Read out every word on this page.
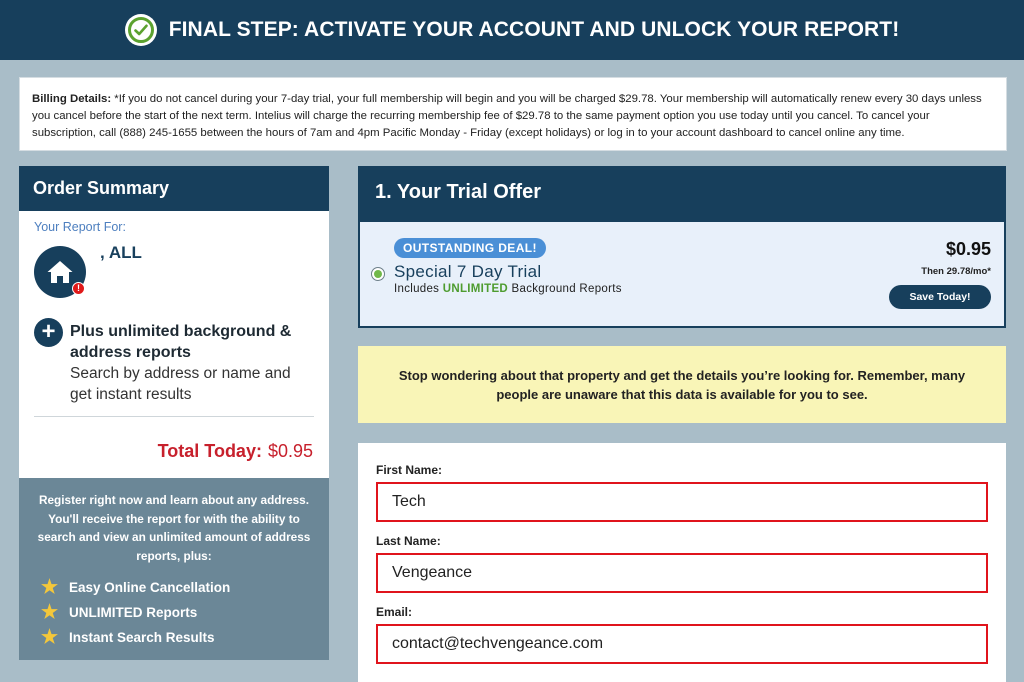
FINAL STEP: ACTIVATE YOUR ACCOUNT AND UNLOCK YOUR REPORT!
Billing Details: *If you do not cancel during your 7-day trial, your full membership will begin and you will be charged $29.78. Your membership will automatically renew every 30 days unless you cancel before the start of the next term. Intelius will charge the recurring membership fee of $29.78 to the same payment option you use today until you cancel. To cancel your subscription, call (888) 245-1655 between the hours of 7am and 4pm Pacific Monday - Friday (except holidays) or log in to your account dashboard to cancel online any time.
Order Summary
Your Report For:
!
, ALL
+ Plus unlimited background & address reports
Search by address or name and get instant results
Total Today: $0.95
Register right now and learn about any address. You'll receive the report for with the ability to search and view an unlimited amount of address reports, plus:
★ Easy Online Cancellation
★ UNLIMITED Reports
★ Instant Search Results
1. Your Trial Offer
OUTSTANDING DEAL!
Special 7 Day Trial
Includes UNLIMITED Background Reports
$0.95
Then 29.78/mo*
Save Today!
Stop wondering about that property and get the details you’re looking for. Remember, many people are unaware that this data is available for you to see.
First Name:
Tech
Last Name:
Vengeance
Email:
contact@techvengeance.com
